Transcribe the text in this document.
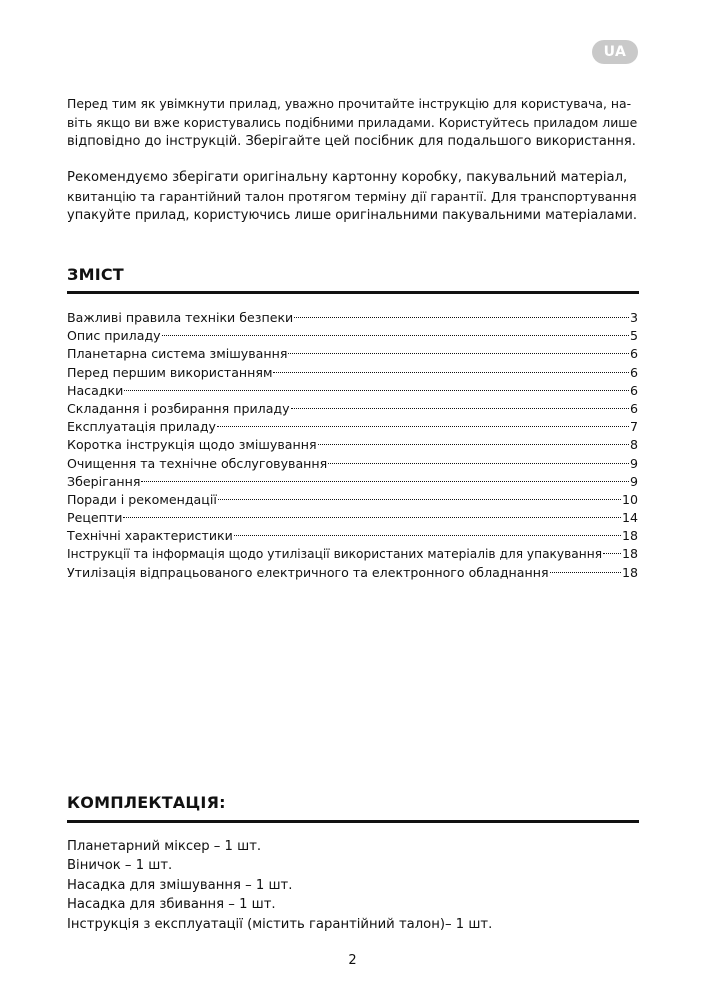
UA

Перед тим як увімкнути прилад, уважно прочитайте інструкцію для користувача, на-
віть якщо ви вже користувались подібними приладами. Користуйтесь приладом лише
відповідно до інструкцій. Зберігайте цей посібник для подальшого використання.

Рекомендуємо зберігати оригінальну картонну коробку, пакувальний матеріал,
квитанцію та гарантійний талон протягом терміну дії гарантії. Для транспортування
упакуйте прилад, користуючись лише оригінальними пакувальними матеріалами.

ЗМІСТ
Важливі правила техніки безпеки	3
Опис приладу	5
Планетарна система змішування	6
Перед першим використанням	6
Насадки	6
Складання і розбирання приладу	6
Експлуатація приладу	7
Коротка інструкція щодо змішування	8
Очищення та технічне обслуговування	9
Зберігання	9
Поради і рекомендації	10
Рецепти	14
Технічні характеристики	18
Інструкції та інформація щодо утилізації використаних матеріалів для упакування 18
Утилізація відпрацьованого електричного та електронного обладнання	18
КОМПЛЕКТАЦІЯ:
Планетарний міксер – 1 шт.
Віничок – 1 шт.
Насадка для змішування – 1 шт.
Насадка для збивання – 1 шт.
Інструкція з експлуатації (містить гарантійний талон)– 1 шт.
2
